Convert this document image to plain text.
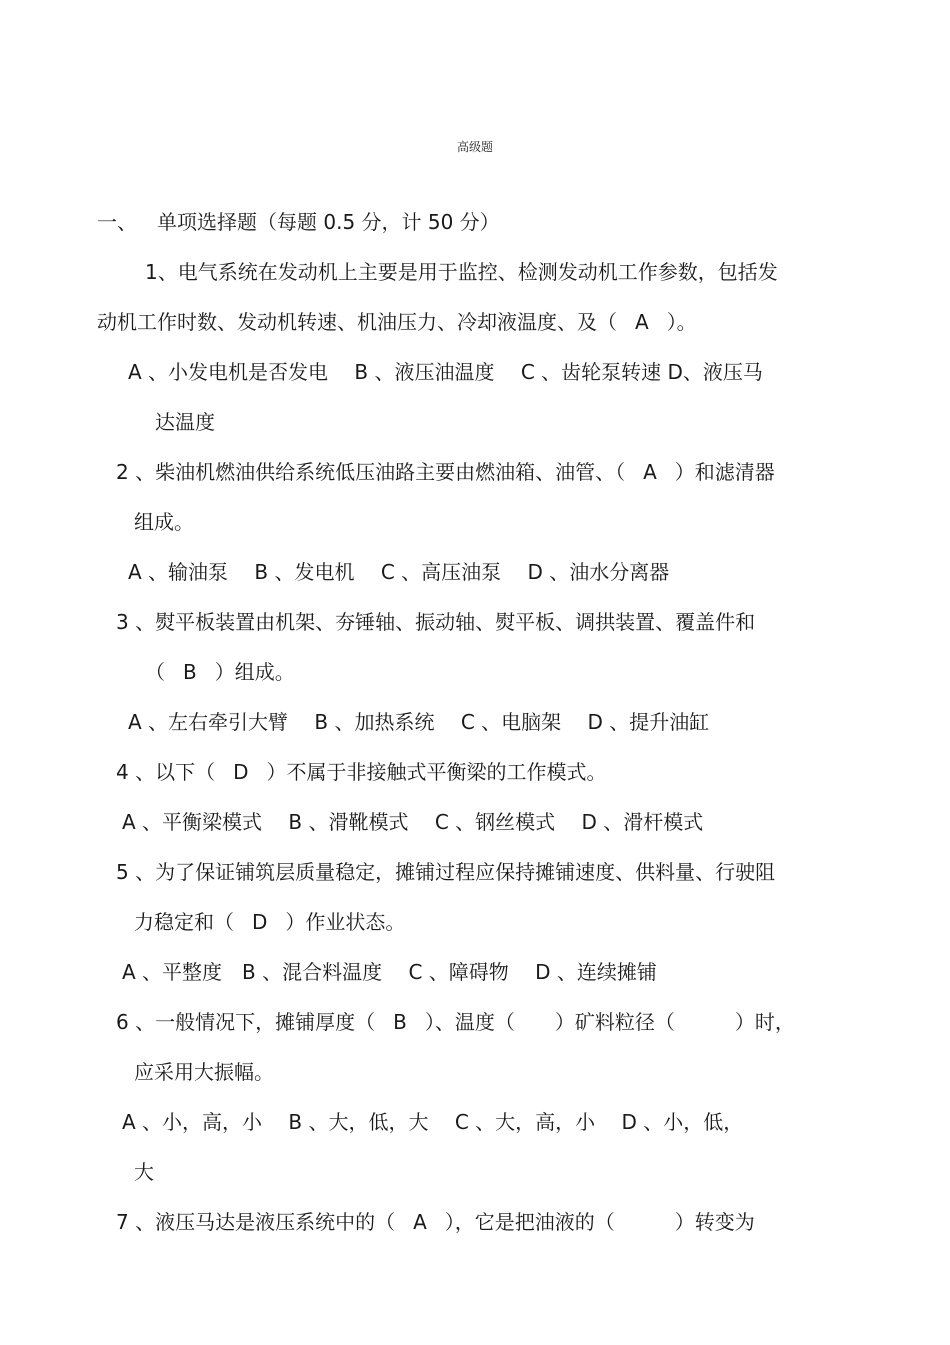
高级题
一、 单项选择题（每题 0.5 分，计 50 分）
1、电气系统在发动机上主要是用于监控、检测发动机工作参数，包括发
动机工作时数、发动机转速、机油压力、冷却液温度、及（ A ）。
A 、小发电机是否发电　 B 、液压油温度　 C 、齿轮泵转速 D、液压马
达温度
2 、柴油机燃油供给系统低压油路主要由燃油箱、油管、（ A ）和滤清器
组成。
A 、输油泵　 B 、发电机　 C 、高压油泵　 D 、油水分离器
3 、熨平板装置由机架、夯锤轴、振动轴、熨平板、调拱装置、覆盖件和
（ B ）组成。
A 、左右牵引大臂　 B 、加热系统　 C 、电脑架　 D 、提升油缸
4 、以下（ D ）不属于非接触式平衡梁的工作模式。
A 、平衡梁模式　 B 、滑靴模式　 C 、钢丝模式　 D 、滑杆模式
5 、为了保证铺筑层质量稳定，摊铺过程应保持摊铺速度、供料量、行驶阻
力稳定和（ D ）作业状态。
A 、平整度　B 、混合料温度　 C 、障碍物　 D 、连续摊铺
6 、一般情况下，摊铺厚度（ B ）、温度（　　）矿料粒径（　　　）时，
应采用大振幅。
A 、小，高，小　 B 、大，低，大　 C 、大，高，小　 D 、小，低，
大
7 、液压马达是液压系统中的（ A ），它是把油液的（　　　）转变为
